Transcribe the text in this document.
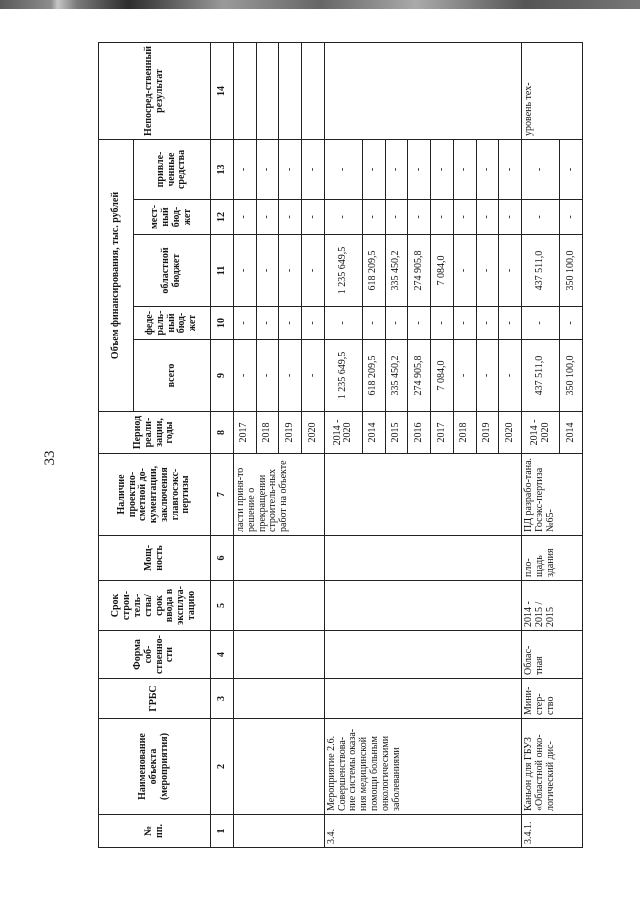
33
№ пп.	Наименование объекта (мероприятия)	ГРБС	Форма соб-ственно-сти	Срок строи-тель-ства/срок ввода в эксплуа-тацию	Мощ-ность	Наличие проектно-сметной до-кументации, заключения главгосэкс-пертизы	Период реали-зации, годы	Объем финансирования, тыс. рублей					Непосред-ственный результат
								всего	феде-раль-ный бюд-жет	областной бюджет	мест-ный бюд-жет	привле-ченные средства	
1	2	3	4	5	6	7	8	9	10	11	12	13	14
						ласти приня-то решение о прекращении строитель-ных работ на объекте	2017	-	-	-	-	-	
							2018	-	-	-	-	-	
							2019	-	-	-	-	-	
							2020	-	-	-	-	-	
3.4.	Мероприятие 2.6. Совершенствова-ние системы оказа-ния медицинской помощи больным онкологическими заболеваниями						2014 - 2020	1 235 649,5	-	1 235 649,5	-	-	
							2014	618 209,5	-	618 209,5	-	-	
							2015	335 450,2	-	335 450,2	-	-	
							2016	274 905,8	-	274 905,8	-	-	
							2017	7 084,0	-	7 084,0	-	-	
							2018	-	-	-	-	-	
							2019	-	-	-	-	-	
							2020	-	-	-	-	-	
3.4.1.	Каньон для ГБУЗ «Областной онко-логический дис-	Мини-стер-ство	Облас-тная	2014 - 2015 / 2015	пло-щадь здания	ПД разрабо-тана. Госэкс-пертиза №65-	2014 - 2020	437 511,0	-	437 511,0	-	-	уровень тех-
							2014	350 100,0	-	350 100,0	-	-	
